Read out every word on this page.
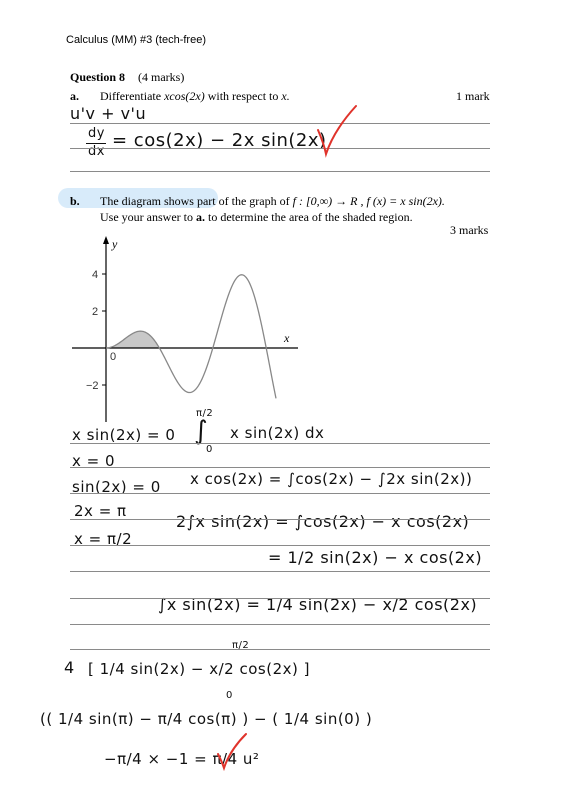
Calculus (MM) #3 (tech-free)
Question 8 (4 marks)
a. Differentiate xcos(2x) with respect to x.	1 mark
u'v + v'u
dy
dx
= cos(2x) − 2x sin(2x)
b. The diagram shows part of the graph of f : [0,∞) → R , f (x) = x sin(2x).
Use your answer to a. to determine the area of the shaded region.
3 marks
y
x
4
2
−2
0
x sin(2x) = 0
π/2
∫
0
x sin(2x) dx
x = 0
sin(2x) = 0 x cos(2x) = ∫cos(2x) − ∫2x sin(2x))
2x = π
x = π/2
2∫x sin(2x) = ∫cos(2x) − x cos(2x)
= 1/2 sin(2x) − x cos(2x)
∫x sin(2x) = 1/4 sin(2x) − x/2 cos(2x)
4 [ 1/4 sin(2x) − x/2 cos(2x) ]
π/2
0
(( 1/4 sin(π) − π/4 cos(π) ) − ( 1/4 sin(0) )
−π/4 × −1 = π/4 u²
